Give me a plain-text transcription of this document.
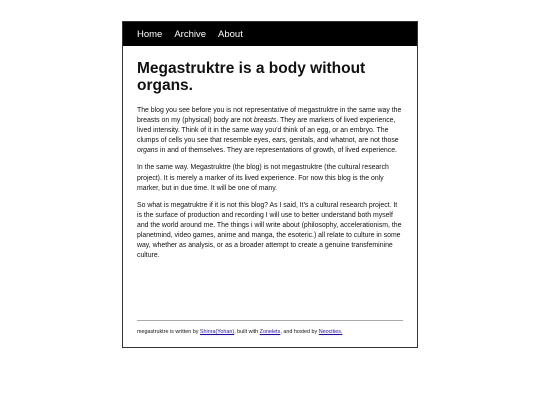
Home Archive About
Megastruktre is a body without organs.

The blog you see before you is not representative of megastruktre in the same way the breasts on my (physical) body are not breasts. They are markers of lived experience, lived intensity. Think of it in the same way you'd think of an egg, or an embryo. The clumps of cells you see that resemble eyes, ears, genitals, and whatnot, are not those organs in and of themselves. They are representations of growth, of lived experience.

In the same way. Megastruktre (the blog) is not megastruktre (the cultural research project). It is merely a marker of its lived experience. For now this blog is the only marker, but in due time. It will be one of many.

So what is megatruktre if it is not this blog? As I said, It's a cultural research project. It is the surface of production and recording I will use to better understand both myself and the world around me. The things i will write about (philosophy, accelerationism, the planetmind, video games, anime and manga, the esoteric.) all relate to culture in some way, whether as analysis, or as a broader attempt to create a genuine transfeminine culture.

megastruktre is written by Shinra(Yohan), built with Zonelets, and hosted by Neocities.
